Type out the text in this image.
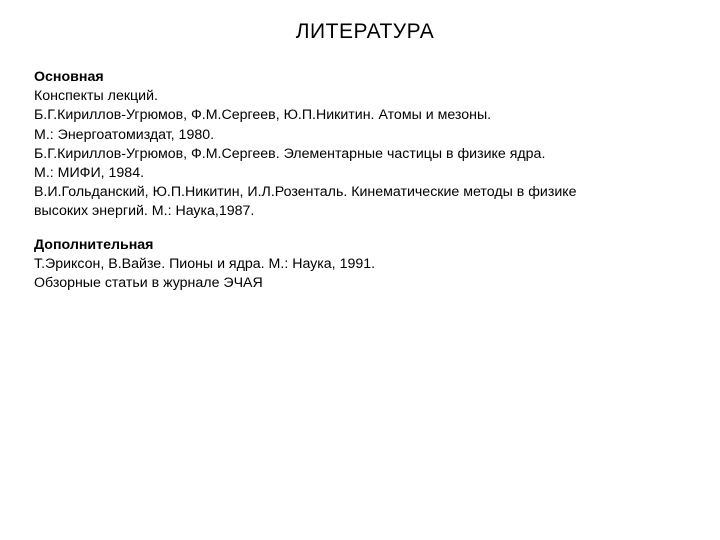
ЛИТЕРАТУРА
Основная
Конспекты лекций.
Б.Г.Кириллов-Угрюмов, Ф.М.Сергеев, Ю.П.Никитин. Атомы и мезоны.
М.: Энергоатомиздат, 1980.
Б.Г.Кириллов-Угрюмов, Ф.М.Сергеев. Элементарные частицы в физике ядра.
М.: МИФИ, 1984.
В.И.Гольданский, Ю.П.Никитин, И.Л.Розенталь. Кинематические методы в физике
высоких энергий. М.: Наука,1987.
Дополнительная
Т.Эриксон, В.Вайзе. Пионы и ядра. М.: Наука, 1991.
Обзорные статьи в журнале ЭЧАЯ
